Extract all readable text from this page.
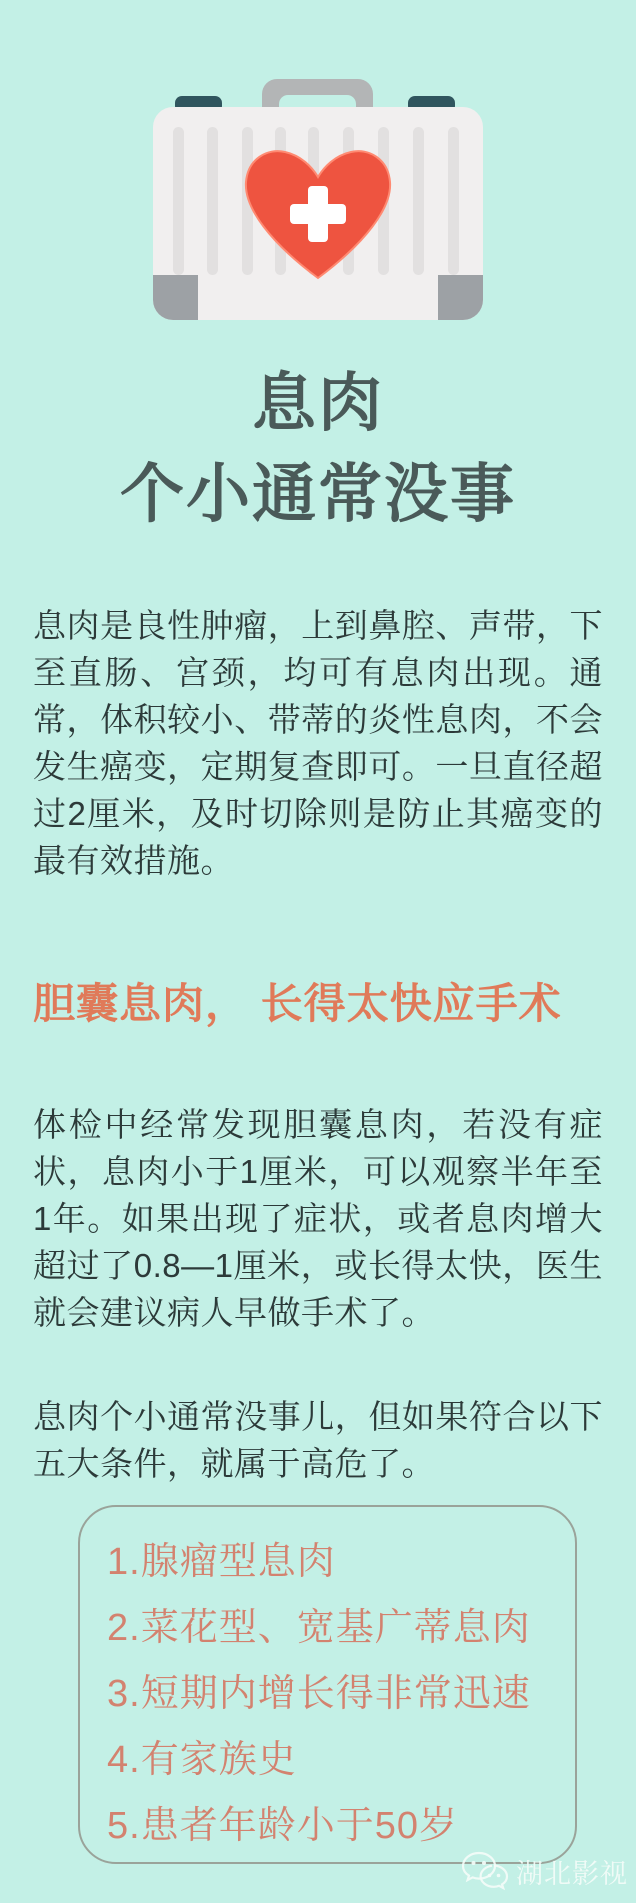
息肉
个小通常没事

息肉是良性肿瘤，上到鼻腔、声带，下至直肠、宫颈，均可有息肉出现。通常，体积较小、带蒂的炎性息肉，不会发生癌变，定期复查即可。一旦直径超过2厘米，及时切除则是防止其癌变的最有效措施。

胆囊息肉， 长得太快应手术

体检中经常发现胆囊息肉，若没有症状，息肉小于1厘米，可以观察半年至1年。如果出现了症状，或者息肉增大超过了0.8—1厘米，或长得太快，医生就会建议病人早做手术了。

息肉个小通常没事儿，但如果符合以下五大条件，就属于高危了。

1.腺瘤型息肉
2.菜花型、宽基广蒂息肉
3.短期内增长得非常迅速
4.有家族史
5.患者年龄小于50岁
湖北影视
